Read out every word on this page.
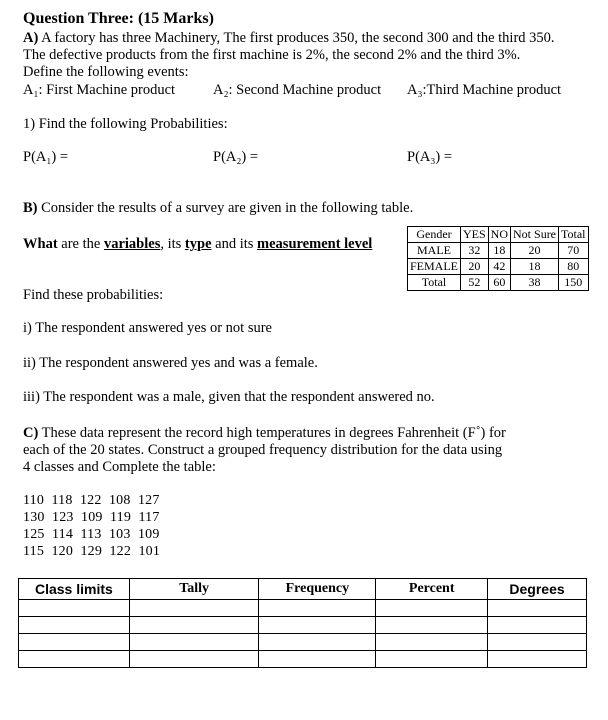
Question Three: (15 Marks)
A) A factory has three Machinery, The first produces 350, the second 300 and the third 350.
The defective products from the first machine is 2%, the second 2% and the third 3%.
Define the following events:
A₁: First Machine product	A₂: Second Machine product A₃:Third Machine product
1) Find the following Probabilities:
P(A₁) =	P(A₂) =	P(A₃) =
B) Consider the results of a survey are given in the following table.
What are the variables, its type and its measurement level
Gender	YES	NO	Not Sure	Total
MALE	32	18	20	70
FEMALE	20	42	18	80
Total	52	60	38	150
Find these probabilities:
i) The respondent answered yes or not sure
ii) The respondent answered yes and was a female.
iii) The respondent was a male, given that the respondent answered no.
C) These data represent the record high temperatures in degrees Fahrenheit (F˚) for
each of the 20 states. Construct a grouped frequency distribution for the data using
4 classes and Complete the table:
110  118  122  108  127
130  123  109  119  117
125  114  113  103  109
115  120  129  122  101
Class limits	Tally	Frequency	Percent	Degrees
